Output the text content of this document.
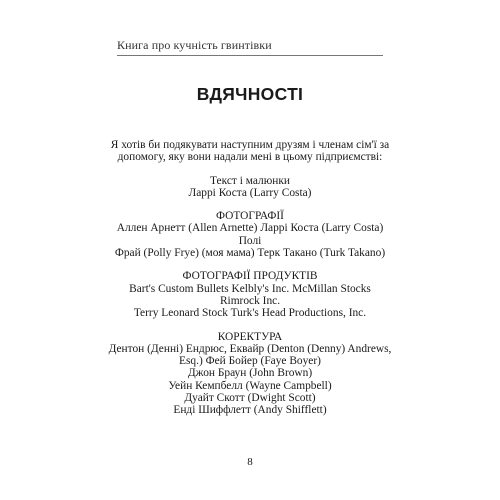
Книга про кучність гвинтівки
ВДЯЧНОСТІ

Я хотів би подякувати наступним друзям і членам сім'ї за
допомогу, яку вони надали мені в цьому підприємстві:

Текст і малюнки
Ларрі Коста (Larry Costa)

ФОТОГРАФІЇ
Аллен Арнетт (Allen Arnette) Ларрі Коста (Larry Costa) Полі
Фрай (Polly Frye) (моя мама) Терк Такано (Turk Takano)

ФОТОГРАФІЇ ПРОДУКТІВ
Bart's Custom Bullets Kelbly's Inc. McMillan Stocks Rimrock Inc.
Terry Leonard Stock Turk's Head Productions, Inc.

КОРЕКТУРА
Дентон (Денні) Ендрюс, Еквайр (Denton (Denny) Andrews,
Esq.) Фей Бойер (Faye Boyer)
Джон Браун (John Brown)
Уейн Кемпбелл (Wayne Campbell)
Дуайт Скотт (Dwight Scott)
Енді Шиффлетт (Andy Shifflett)

8
